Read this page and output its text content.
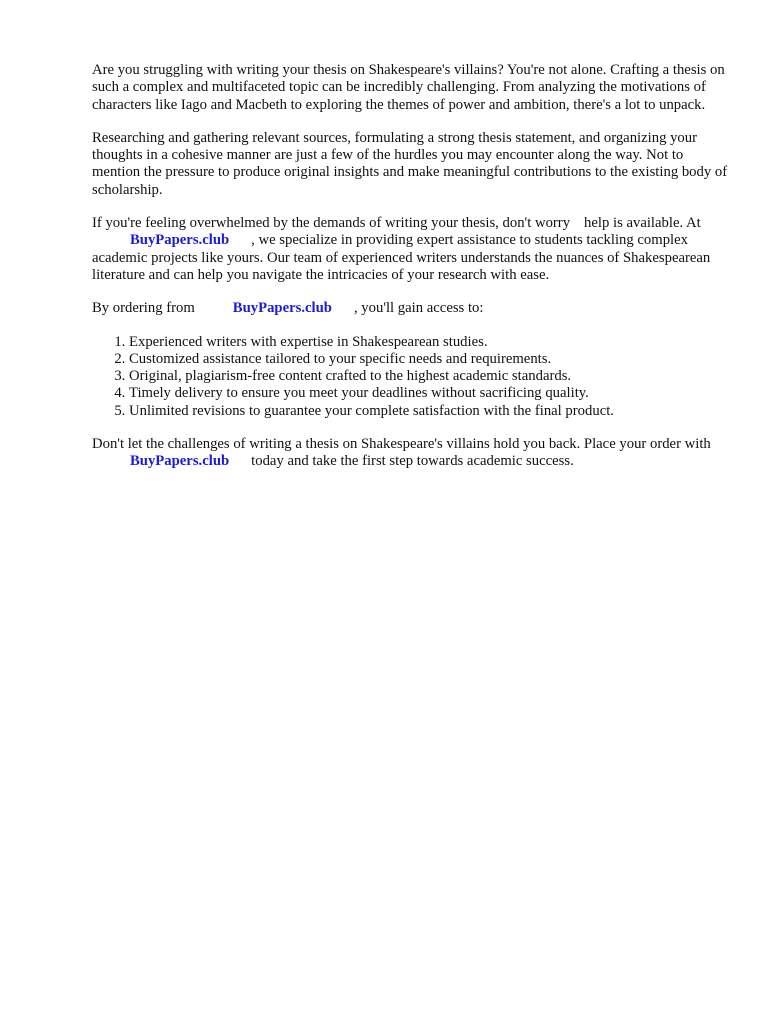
Are you struggling with writing your thesis on Shakespeare's villains? You're not alone. Crafting a thesis on such a complex and multifaceted topic can be incredibly challenging. From analyzing the motivations of characters like Iago and Macbeth to exploring the themes of power and ambition, there's a lot to unpack.

Researching and gathering relevant sources, formulating a strong thesis statement, and organizing your thoughts in a cohesive manner are just a few of the hurdles you may encounter along the way. Not to mention the pressure to produce original insights and make meaningful contributions to the existing body of scholarship.

If you're feeling overwhelmed by the demands of writing your thesis, don't worry help is available. AtBuyPapers.club , we specialize in providing expert assistance to students tackling complex academic projects like yours. Our team of experienced writers understands the nuances of Shakespearean literature and can help you navigate the intricacies of your research with ease.

By ordering from	BuyPapers.club , you'll gain access to:

1. Experienced writers with expertise in Shakespearean studies.
2. Customized assistance tailored to your specific needs and requirements.
3. Original, plagiarism-free content crafted to the highest academic standards.
4. Timely delivery to ensure you meet your deadlines without sacrificing quality.
5. Unlimited revisions to guarantee your complete satisfaction with the final product.

Don't let the challenges of writing a thesis on Shakespeare's villains hold you back. Place your order withBuyPapers.club today and take the first step towards academic success.
